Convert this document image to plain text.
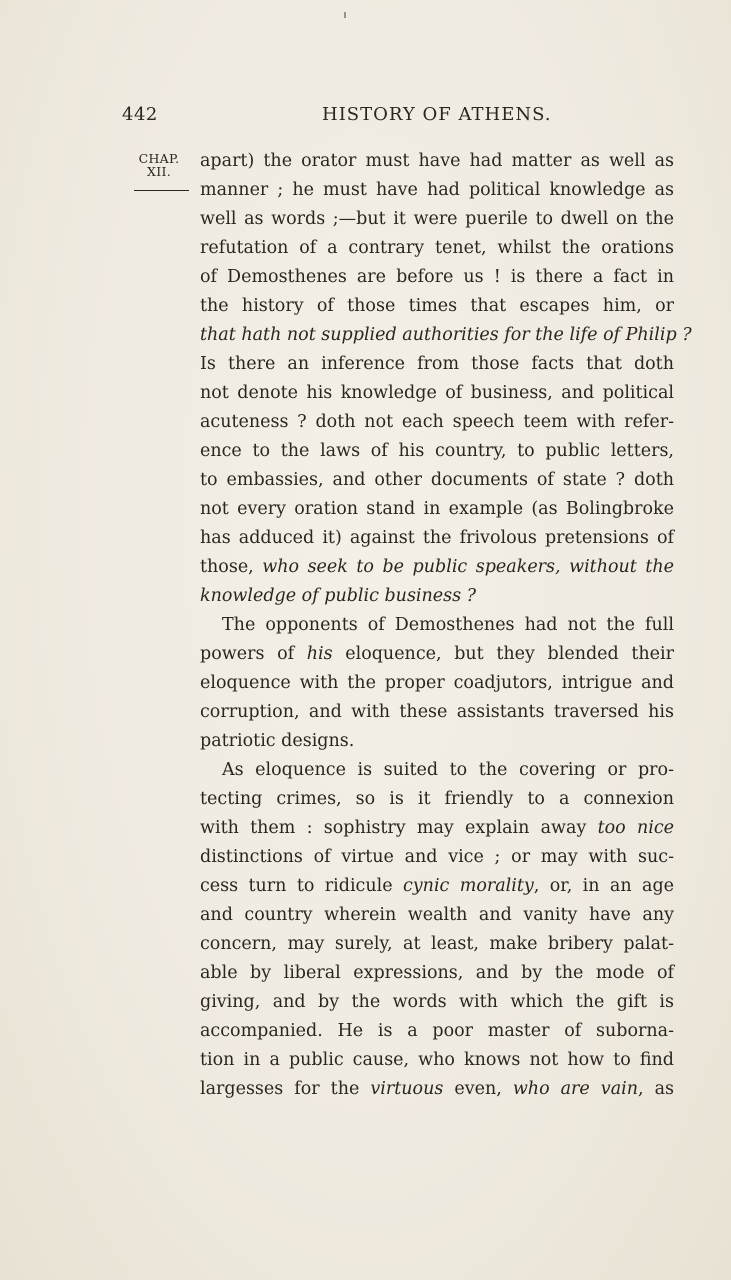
442	HISTORY OF ATHENS.
CHAP.
XII.
apart) the orator must have had matter as well as
manner ; he must have had political knowledge as
well as words ;—but it were puerile to dwell on the
refutation of a contrary tenet, whilst the orations
of Demosthenes are before us ! is there a fact in
the history of those times that escapes him, or
that hath not supplied authorities for the life of Philip ?
Is there an inference from those facts that doth
not denote his knowledge of business, and political
acuteness ? doth not each speech teem with refer-
ence to the laws of his country, to public letters,
to embassies, and other documents of state ? doth
not every oration stand in example (as Bolingbroke
has adduced it) against the frivolous pretensions of
those, who seek to be public speakers, without the
knowledge of public business ?
The opponents of Demosthenes had not the full
powers of his eloquence, but they blended their
eloquence with the proper coadjutors, intrigue and
corruption, and with these assistants traversed his
patriotic designs.
As eloquence is suited to the covering or pro-
tecting crimes, so is it friendly to a connexion
with them : sophistry may explain away too nice
distinctions of virtue and vice ; or may with suc-
cess turn to ridicule cynic morality, or, in an age
and country wherein wealth and vanity have any
concern, may surely, at least, make bribery palat-
able by liberal expressions, and by the mode of
giving, and by the words with which the gift is
accompanied. He is a poor master of suborna-
tion in a public cause, who knows not how to find
largesses for the virtuous even, who are vain, as
